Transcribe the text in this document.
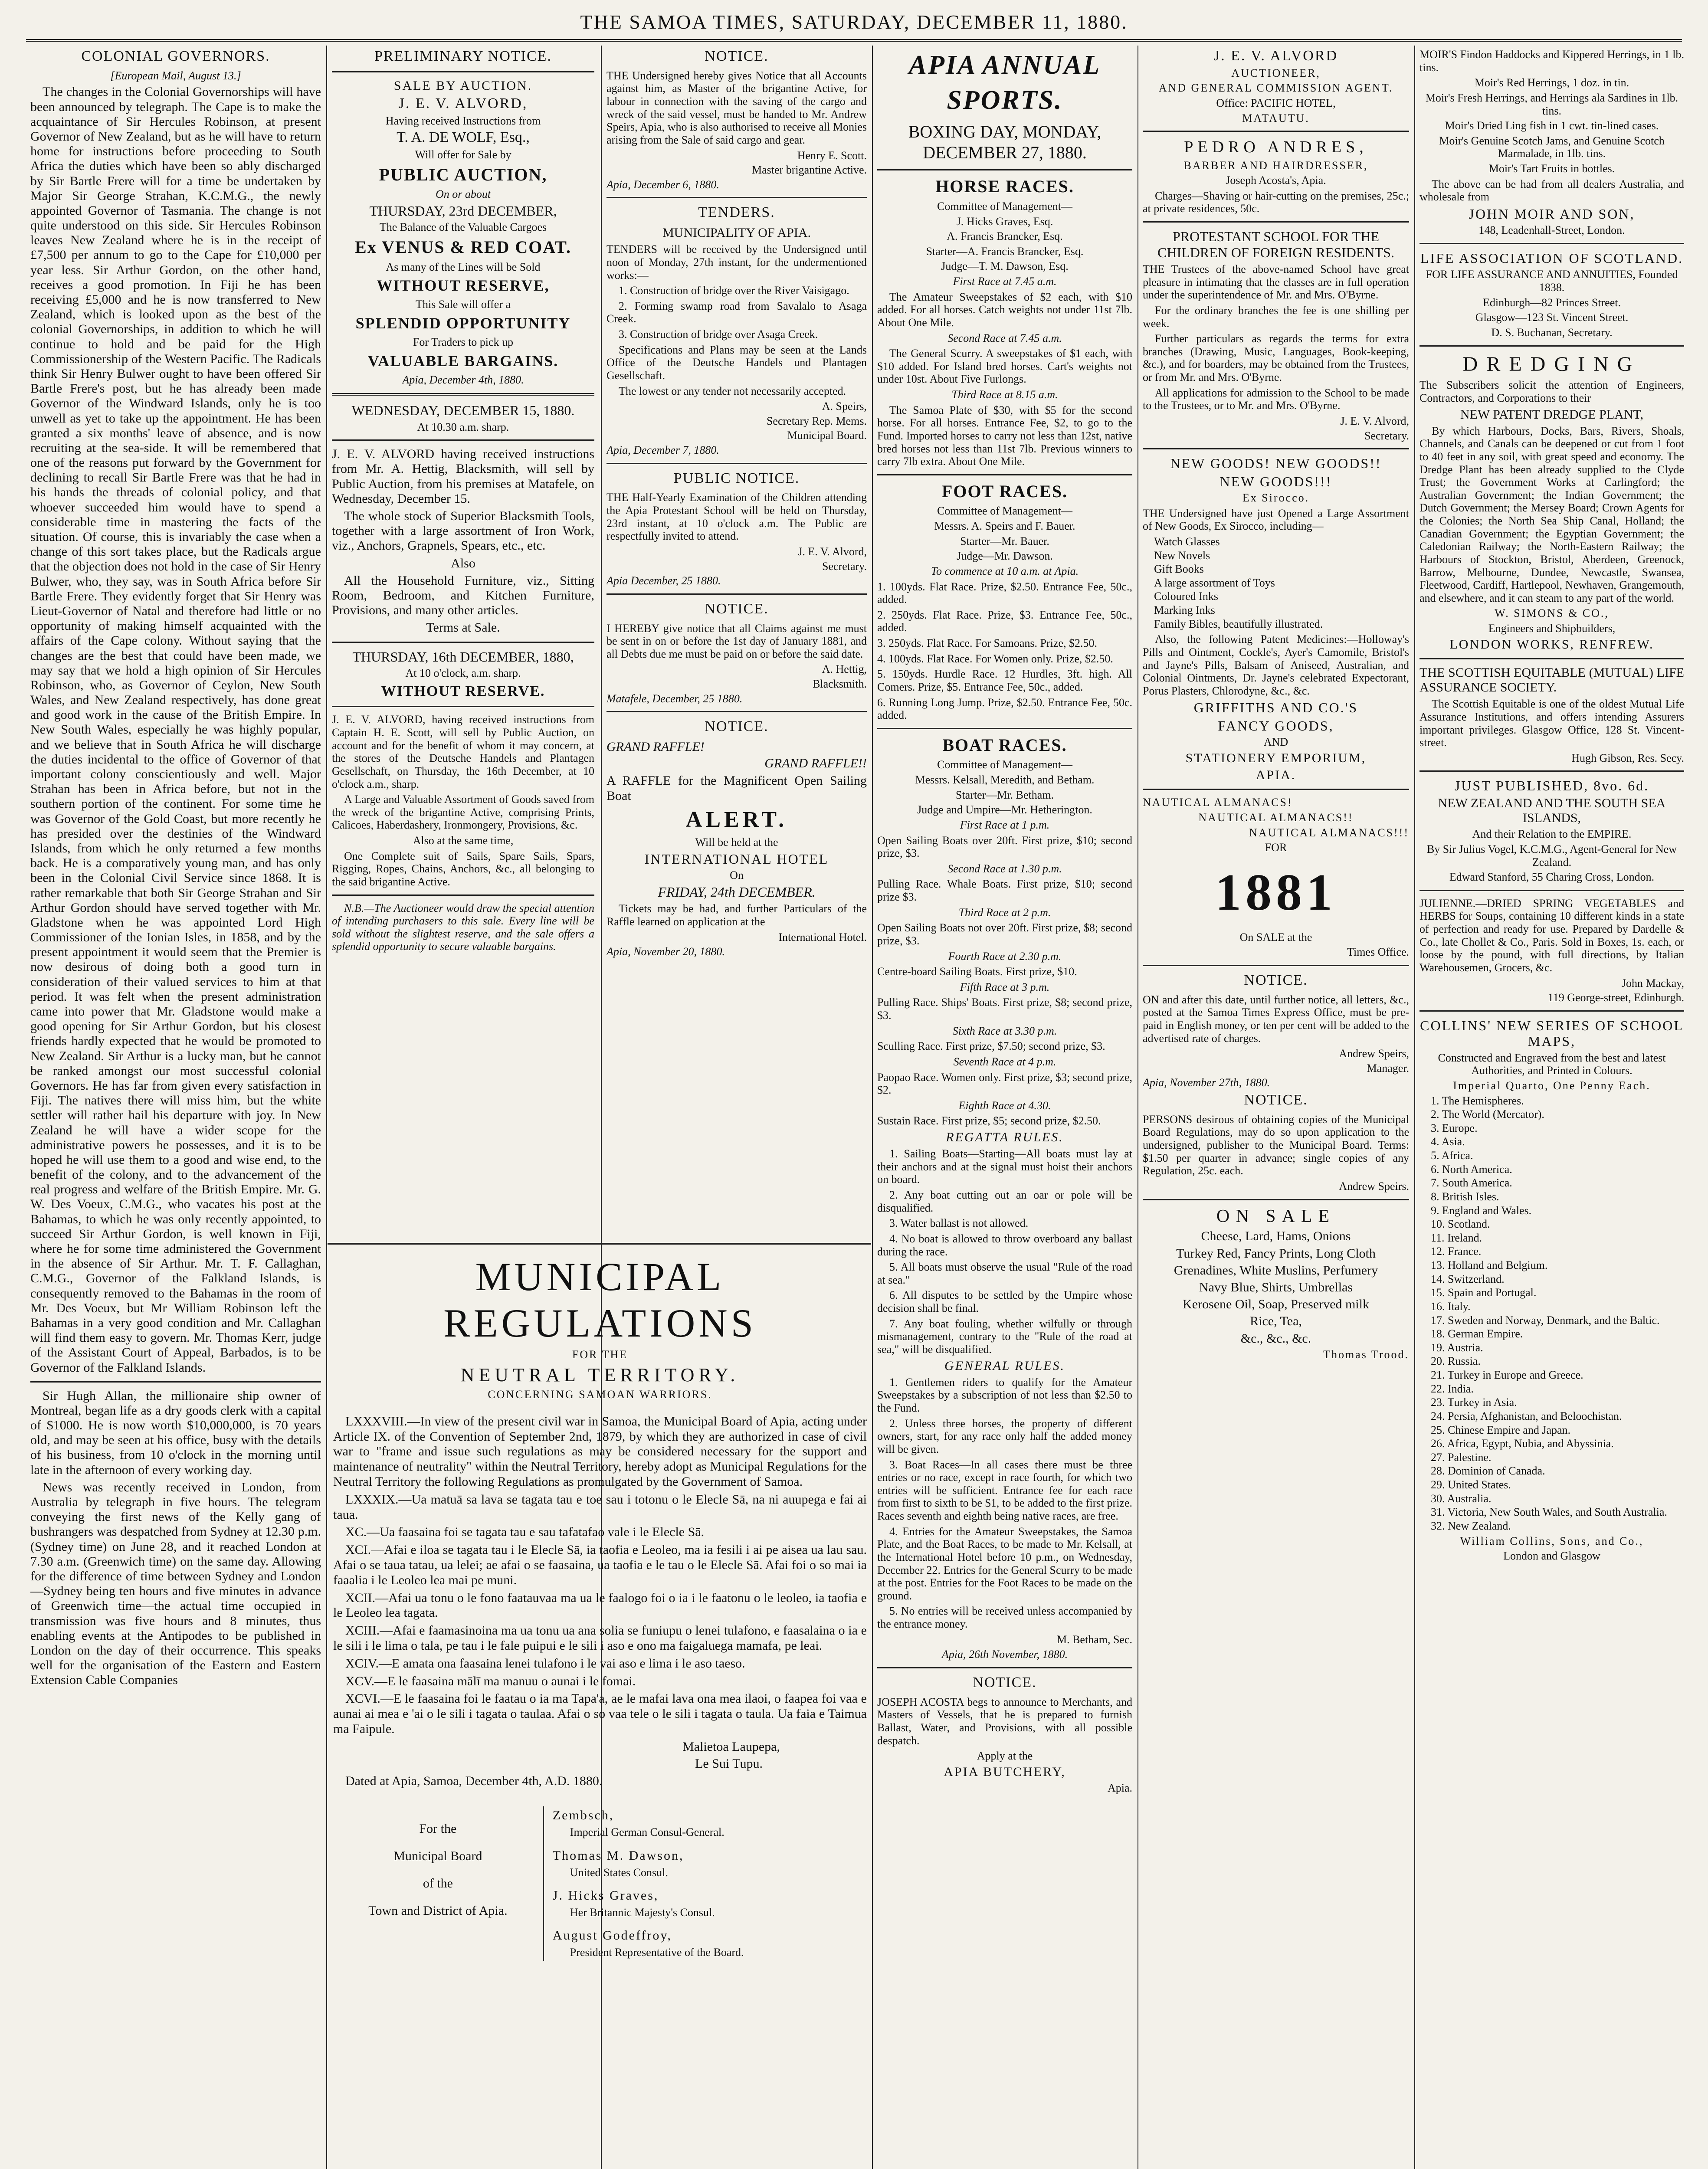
THE SAMOA TIMES, SATURDAY, DECEMBER 11, 1880.
COLONIAL GOVERNORS.
[European Mail, August 13.]

The changes in the Colonial Governorships will have been announced by telegraph. The Cape is to make the acquaintance of Sir Hercules Robinson, at present Governor of New Zealand, but as he will have to return home for instructions before proceeding to South Africa the duties which have been so ably discharged by Sir Bartle Frere will for a time be undertaken by Major Sir George Strahan, K.C.M.G., the newly appointed Governor of Tasmania. The change is not quite understood on this side. Sir Hercules Robinson leaves New Zealand where he is in the receipt of £7,500 per annum to go to the Cape for £10,000 per year less. Sir Arthur Gordon, on the other hand, receives a good promotion. In Fiji he has been receiving £5,000 and he is now transferred to New Zealand, which is looked upon as the best of the colonial Governorships, in addition to which he will continue to hold and be paid for the High Commissionership of the Western Pacific. The Radicals think Sir Henry Bulwer ought to have been offered Sir Bartle Frere's post, but he has already been made Governor of the Windward Islands, only he is too unwell as yet to take up the appointment. He has been granted a six months' leave of absence, and is now recruiting at the sea-side. It will be remembered that one of the reasons put forward by the Government for declining to recall Sir Bartle Frere was that he had in his hands the threads of colonial policy, and that whoever succeeded him would have to spend a considerable time in mastering the facts of the situation. Of course, this is invariably the case when a change of this sort takes place, but the Radicals argue that the objection does not hold in the case of Sir Henry Bulwer, who, they say, was in South Africa before Sir Bartle Frere. They evidently forget that Sir Henry was Lieut-Governor of Natal and therefore had little or no opportunity of making himself acquainted with the affairs of the Cape colony. Without saying that the changes are the best that could have been made, we may say that we hold a high opinion of Sir Hercules Robinson, who, as Governor of Ceylon, New South Wales, and New Zealand respectively, has done great and good work in the cause of the British Empire. In New South Wales, especially he was highly popular, and we believe that in South Africa he will discharge the duties incidental to the office of Governor of that important colony conscientiously and well. Major Strahan has been in Africa before, but not in the southern portion of the continent. For some time he was Governor of the Gold Coast, but more recently he has presided over the destinies of the Windward Islands, from which he only returned a few months back. He is a comparatively young man, and has only been in the Colonial Civil Service since 1868. It is rather remarkable that both Sir George Strahan and Sir Arthur Gordon should have served together with Mr. Gladstone when he was appointed Lord High Commissioner of the Ionian Isles, in 1858, and by the present appointment it would seem that the Premier is now desirous of doing both a good turn in consideration of their valued services to him at that period. It was felt when the present administration came into power that Mr. Gladstone would make a good opening for Sir Arthur Gordon, but his closest friends hardly expected that he would be promoted to New Zealand. Sir Arthur is a lucky man, but he cannot be ranked amongst our most successful colonial Governors. He has far from given every satisfaction in Fiji. The natives there will miss him, but the white settler will rather hail his departure with joy. In New Zealand he will have a wider scope for the administrative powers he possesses, and it is to be hoped he will use them to a good and wise end, to the benefit of the colony, and to the advancement of the real progress and welfare of the British Empire. Mr. G. W. Des Voeux, C.M.G., who vacates his post at the Bahamas, to which he was only recently appointed, to succeed Sir Arthur Gordon, is well known in Fiji, where he for some time administered the Government in the absence of Sir Arthur. Mr. T. F. Callaghan, C.M.G., Governor of the Falkland Islands, is consequently removed to the Bahamas in the room of Mr. Des Voeux, but Mr William Robinson left the Bahamas in a very good condition and Mr. Callaghan will find them easy to govern. Mr. Thomas Kerr, judge of the Assistant Court of Appeal, Barbados, is to be Governor of the Falkland Islands.

Sir Hugh Allan, the millionaire ship owner of Montreal, began life as a dry goods clerk with a capital of $1000. He is now worth $10,000,000, is 70 years old, and may be seen at his office, busy with the details of his business, from 10 o'clock in the morning until late in the afternoon of every working day.

News was recently received in London, from Australia by telegraph in five hours. The telegram conveying the first news of the Kelly gang of bushrangers was despatched from Sydney at 12.30 p.m. (Sydney time) on June 28, and it reached London at 7.30 a.m. (Greenwich time) on the same day. Allowing for the difference of time between Sydney and London—Sydney being ten hours and five minutes in advance of Greenwich time—the actual time occupied in transmission was five hours and 8 minutes, thus enabling events at the Antipodes to be published in London on the day of their occurrence. This speaks well for the organisation of the Eastern and Eastern Extension Cable Companies

PRELIMINARY NOTICE.
SALE BY AUCTION.
J. E. V. ALVORD,
Having received Instructions from
T. A. DE WOLF, Esq.,
Will offer for Sale by
PUBLIC AUCTION,
On or about
THURSDAY, 23rd DECEMBER,
The Balance of the Valuable Cargoes
Ex VENUS & RED COAT.
As many of the Lines will be Sold
WITHOUT RESERVE,
This Sale will offer a
SPLENDID OPPORTUNITY
For Traders to pick up
VALUABLE BARGAINS.
Apia, December 4th, 1880.
WEDNESDAY, DECEMBER 15, 1880.
At 10.30 a.m. sharp.

J. E. V. ALVORD having received instructions from Mr. A. Hettig, Blacksmith, will sell by Public Auction, from his premises at Matafele, on Wednesday, December 15.

The whole stock of Superior Blacksmith Tools, together with a large assortment of Iron Work, viz., Anchors, Grapnels, Spears, etc., etc.

Also

All the Household Furniture, viz., Sitting Room, Bedroom, and Kitchen Furniture, Provisions, and many other articles.

Terms at Sale.
THURSDAY, 16th DECEMBER, 1880,
At 10 o'clock, a.m. sharp.
WITHOUT RESERVE.

J. E. V. ALVORD, having received instructions from Captain H. E. Scott, will sell by Public Auction, on account and for the benefit of whom it may concern, at the stores of the Deutsche Handels and Plantagen Gesellschaft, on Thursday, the 16th December, at 10 o'clock a.m., sharp.

A Large and Valuable Assortment of Goods saved from the wreck of the brigantine Active, comprising Prints, Calicoes, Haberdashery, Ironmongery, Provisions, &c.

Also at the same time,

One Complete suit of Sails, Spare Sails, Spars, Rigging, Ropes, Chains, Anchors, &c., all belonging to the said brigantine Active.

N.B.—The Auctioneer would draw the special attention of intending purchasers to this sale. Every line will be sold without the slightest reserve, and the sale offers a splendid opportunity to secure valuable bargains.

NOTICE.

THE Undersigned hereby gives Notice that all Accounts against him, as Master of the brigantine Active, for labour in connection with the saving of the cargo and wreck of the said vessel, must be handed to Mr. Andrew Speirs, Apia, who is also authorised to receive all Monies arising from the Sale of said cargo and gear.

Henry E. Scott.
Master brigantine Active.
Apia, December 6, 1880.
TENDERS.
MUNICIPALITY OF APIA.

TENDERS will be received by the Undersigned until noon of Monday, 27th instant, for the undermentioned works:—

1. Construction of bridge over the River Vaisigago.

2. Forming swamp road from Savalalo to Asaga Creek.

3. Construction of bridge over Asaga Creek.

Specifications and Plans may be seen at the Lands Office of the Deutsche Handels und Plantagen Gesellschaft.

The lowest or any tender not necessarily accepted.

A. Speirs,
Secretary Rep. Mems.
Municipal Board.
Apia, December 7, 1880.
PUBLIC NOTICE.

THE Half-Yearly Examination of the Children attending the Apia Protestant School will be held on Thursday, 23rd instant, at 10 o'clock a.m. The Public are respectfully invited to attend.

J. E. V. Alvord,
Secretary.
Apia December, 25 1880.
NOTICE.

I HEREBY give notice that all Claims against me must be sent in on or before the 1st day of January 1881, and all Debts due me must be paid on or before the said date.

A. Hettig,
Blacksmith.
Matafele, December, 25 1880.
NOTICE.
GRAND RAFFLE!
GRAND RAFFLE!!

A RAFFLE for the Magnificent Open Sailing Boat

ALERT.
Will be held at the
INTERNATIONAL HOTEL
On
FRIDAY, 24th DECEMBER.

Tickets may be had, and further Particulars of the Raffle learned on application at the

International Hotel.
Apia, November 20, 1880.
MUNICIPAL REGULATIONS
FOR THE
NEUTRAL TERRITORY.
CONCERNING SAMOAN WARRIORS.

LXXXVIII.—In view of the present civil war in Samoa, the Municipal Board of Apia, acting under Article IX. of the Convention of September 2nd, 1879, by which they are authorized in case of civil war to "frame and issue such regulations as may be considered necessary for the support and maintenance of neutrality" within the Neutral Territory, hereby adopt as Municipal Regulations for the Neutral Territory the following Regulations as promulgated by the Government of Samoa.

LXXXIX.—Ua matuā sa lava se tagata tau e toe sau i totonu o le Elecle Sā, na ni auupega e fai ai taua.

XC.—Ua faasaina foi se tagata tau e sau tafatafao vale i le Elecle Sā.

XCI.—Afai e iloa se tagata tau i le Elecle Sā, ia taofia e Leoleo, ma ia fesili i ai pe aisea ua lau sau. Afai o se taua tatau, ua lelei; ae afai o se faasaina, ua taofia e le tau o le Elecle Sā. Afai foi o so mai ia faaalia i le Leoleo lea mai pe muni.

XCII.—Afai ua tonu o le fono faatauvaa ma ua le faalogo foi o ia i le faatonu o le leoleo, ia taofia e le Leoleo lea tagata.

XCIII.—Afai e faamasinoina ma ua tonu ua ana solia se funiupu o lenei tulafono, e faasalaina o ia e le sili i le lima o tala, pe tau i le fale puipui e le sili i aso e ono ma faigaluega mamafa, pe leai.

XCIV.—E amata ona faasaina lenei tulafono i le vai aso e lima i le aso taeso.

XCV.—E le faasaina mālī ma manuu o aunai i le fomai.

XCVI.—E le faasaina foi le faatau o ia ma Tapa'a, ae le mafai lava ona mea ilaoi, o faapea foi vaa e aunai ai mea e 'ai o le sili i tagata o taulaa. Afai o so vaa tele o le sili i tagata o taula. Ua faia e Taimua ma Faipule.

Malietoa Laupepa,
Le Sui Tupu.

Dated at Apia, Samoa, December 4th, A.D. 1880.

For the
Municipal Board
of the
Town and District of Apia.
Zembsch,
Imperial German Consul-General.
Thomas M. Dawson,
United States Consul.
J. Hicks Graves,
Her Britannic Majesty's Consul.
August Godeffroy,
President Representative of the Board.
APIA ANNUAL
SPORTS.
BOXING DAY, MONDAY, DECEMBER 27, 1880.
HORSE RACES.
Committee of Management—
J. Hicks Graves, Esq.
A. Francis Brancker, Esq.
Starter—A. Francis Brancker, Esq.
Judge—T. M. Dawson, Esq.
First Race at 7.45 a.m.

The Amateur Sweepstakes of $2 each, with $10 added. For all horses. Catch weights not under 11st 7lb. About One Mile.

Second Race at 7.45 a.m.

The General Scurry. A sweepstakes of $1 each, with $10 added. For Island bred horses. Cart's weights not under 10st. About Five Furlongs.

Third Race at 8.15 a.m.

The Samoa Plate of $30, with $5 for the second horse. For all horses. Entrance Fee, $2, to go to the Fund. Imported horses to carry not less than 12st, native bred horses not less than 11st 7lb. Previous winners to carry 7lb extra. About One Mile.

FOOT RACES.
Committee of Management—
Messrs. A. Speirs and F. Bauer.
Starter—Mr. Bauer.
Judge—Mr. Dawson.
To commence at 10 a.m. at Apia.

1. 100yds. Flat Race. Prize, $2.50. Entrance Fee, 50c., added.

2. 250yds. Flat Race. Prize, $3. Entrance Fee, 50c., added.

3. 250yds. Flat Race. For Samoans. Prize, $2.50.

4. 100yds. Flat Race. For Women only. Prize, $2.50.

5. 150yds. Hurdle Race. 12 Hurdles, 3ft. high. All Comers. Prize, $5. Entrance Fee, 50c., added.

6. Running Long Jump. Prize, $2.50. Entrance Fee, 50c. added.

BOAT RACES.
Committee of Management—
Messrs. Kelsall, Meredith, and Betham.
Starter—Mr. Betham.
Judge and Umpire—Mr. Hetherington.
First Race at 1 p.m.

Open Sailing Boats over 20ft. First prize, $10; second prize, $3.

Second Race at 1.30 p.m.

Pulling Race. Whale Boats. First prize, $10; second prize $3.

Third Race at 2 p.m.

Open Sailing Boats not over 20ft. First prize, $8; second prize, $3.

Fourth Race at 2.30 p.m.

Centre-board Sailing Boats. First prize, $10.

Fifth Race at 3 p.m.

Pulling Race. Ships' Boats. First prize, $8; second prize, $3.

Sixth Race at 3.30 p.m.

Sculling Race. First prize, $7.50; second prize, $3.

Seventh Race at 4 p.m.

Paopao Race. Women only. First prize, $3; second prize, $2.

Eighth Race at 4.30.

Sustain Race. First prize, $5; second prize, $2.50.

REGATTA RULES.

1. Sailing Boats—Starting—All boats must lay at their anchors and at the signal must hoist their anchors on board.

2. Any boat cutting out an oar or pole will be disqualified.

3. Water ballast is not allowed.

4. No boat is allowed to throw overboard any ballast during the race.

5. All boats must observe the usual "Rule of the road at sea."

6. All disputes to be settled by the Umpire whose decision shall be final.

7. Any boat fouling, whether wilfully or through mismanagement, contrary to the "Rule of the road at sea," will be disqualified.

GENERAL RULES.

1. Gentlemen riders to qualify for the Amateur Sweepstakes by a subscription of not less than $2.50 to the Fund.

2. Unless three horses, the property of different owners, start, for any race only half the added money will be given.

3. Boat Races—In all cases there must be three entries or no race, except in race fourth, for which two entries will be sufficient. Entrance fee for each race from first to sixth to be $1, to be added to the first prize. Races seventh and eighth being native races, are free.

4. Entries for the Amateur Sweepstakes, the Samoa Plate, and the Boat Races, to be made to Mr. Kelsall, at the International Hotel before 10 p.m., on Wednesday, December 22. Entries for the General Scurry to be made at the post. Entries for the Foot Races to be made on the ground.

5. No entries will be received unless accompanied by the entrance money.

M. Betham, Sec.
Apia, 26th November, 1880.
NOTICE.

JOSEPH ACOSTA begs to announce to Merchants, and Masters of Vessels, that he is prepared to furnish Ballast, Water, and Provisions, with all possible despatch.

Apply at the
APIA BUTCHERY,
Apia.
J. E. V. ALVORD
AUCTIONEER,
AND GENERAL COMMISSION AGENT.
Office: PACIFIC HOTEL,
MATAUTU.
PEDRO ANDRES,
BARBER AND HAIRDRESSER,
Joseph Acosta's, Apia.

Charges—Shaving or hair-cutting on the premises, 25c.; at private residences, 50c.

PROTESTANT SCHOOL FOR THE CHILDREN OF FOREIGN RESIDENTS.

THE Trustees of the above-named School have great pleasure in intimating that the classes are in full operation under the superintendence of Mr. and Mrs. O'Byrne.

For the ordinary branches the fee is one shilling per week.

Further particulars as regards the terms for extra branches (Drawing, Music, Languages, Book-keeping, &c.), and for boarders, may be obtained from the Trustees, or from Mr. and Mrs. O'Byrne.

All applications for admission to the School to be made to the Trustees, or to Mr. and Mrs. O'Byrne.

J. E. V. Alvord,
Secretary.
NEW GOODS! NEW GOODS!!
NEW GOODS!!!
Ex Sirocco.

THE Undersigned have just Opened a Large Assortment of New Goods, Ex Sirocco, including—

Watch Glasses
New Novels
Gift Books
A large assortment of Toys
Coloured Inks
Marking Inks
Family Bibles, beautifully illustrated.

Also, the following Patent Medicines:—Holloway's Pills and Ointment, Cockle's, Ayer's Camomile, Bristol's and Jayne's Pills, Balsam of Aniseed, Australian, and Colonial Ointments, Dr. Jayne's celebrated Expectorant, Porus Plasters, Chlorodyne, &c., &c.

GRIFFITHS AND CO.'S
FANCY GOODS,
AND
STATIONERY EMPORIUM,
APIA.
NAUTICAL ALMANACS!
NAUTICAL ALMANACS!!
NAUTICAL ALMANACS!!!
FOR
1881
On SALE at the
Times Office.
NOTICE.

ON and after this date, until further notice, all letters, &c., posted at the Samoa Times Express Office, must be pre-paid in English money, or ten per cent will be added to the advertised rate of charges.

Andrew Speirs,
Manager.
Apia, November 27th, 1880.
NOTICE.

PERSONS desirous of obtaining copies of the Municipal Board Regulations, may do so upon application to the undersigned, publisher to the Municipal Board. Terms: $1.50 per quarter in advance; single copies of any Regulation, 25c. each.

Andrew Speirs.
ON SALE
Cheese, Lard, Hams, Onions
Turkey Red, Fancy Prints, Long Cloth
Grenadines, White Muslins, Perfumery
Navy Blue, Shirts, Umbrellas
Kerosene Oil, Soap, Preserved milk
Rice, Tea,
&c., &c., &c.
Thomas Trood.

MOIR'S Findon Haddocks and Kippered Herrings, in 1 lb. tins.

Moir's Red Herrings, 1 doz. in tin.
Moir's Fresh Herrings, and Herrings ala Sardines in 1lb. tins.
Moir's Dried Ling fish in 1 cwt. tin-lined cases.
Moir's Genuine Scotch Jams, and Genuine Scotch Marmalade, in 1lb. tins.
Moir's Tart Fruits in bottles.

The above can be had from all dealers Australia, and wholesale from

JOHN MOIR AND SON,
148, Leadenhall-Street, London.
LIFE ASSOCIATION OF SCOTLAND.
FOR LIFE ASSURANCE AND ANNUITIES, Founded 1838.
Edinburgh—82 Princes Street.
Glasgow—123 St. Vincent Street.
D. S. Buchanan, Secretary.
DREDGING

The Subscribers solicit the attention of Engineers, Contractors, and Corporations to their

NEW PATENT DREDGE PLANT,

By which Harbours, Docks, Bars, Rivers, Shoals, Channels, and Canals can be deepened or cut from 1 foot to 40 feet in any soil, with great speed and economy. The Dredge Plant has been already supplied to the Clyde Trust; the Government Works at Carlingford; the Australian Government; the Indian Government; the Dutch Government; the Mersey Board; Crown Agents for the Colonies; the North Sea Ship Canal, Holland; the Canadian Government; the Egyptian Government; the Caledonian Railway; the North-Eastern Railway; the Harbours of Stockton, Bristol, Aberdeen, Greenock, Barrow, Melbourne, Dundee, Newcastle, Swansea, Fleetwood, Cardiff, Hartlepool, Newhaven, Grangemouth, and elsewhere, and it can steam to any part of the world.

W. SIMONS & CO.,
Engineers and Shipbuilders,
LONDON WORKS, RENFREW.

THE SCOTTISH EQUITABLE (MUTUAL) LIFE ASSURANCE SOCIETY.

The Scottish Equitable is one of the oldest Mutual Life Assurance Institutions, and offers intending Assurers important privileges. Glasgow Office, 128 St. Vincent-street.

Hugh Gibson, Res. Secy.
JUST PUBLISHED, 8vo. 6d.
NEW ZEALAND AND THE SOUTH SEA ISLANDS,
And their Relation to the EMPIRE.
By Sir Julius Vogel, K.C.M.G., Agent-General for New Zealand.
Edward Stanford, 55 Charing Cross, London.

JULIENNE.—DRIED SPRING VEGETABLES and HERBS for Soups, containing 10 different kinds in a state of perfection and ready for use. Prepared by Dardelle & Co., late Chollet & Co., Paris. Sold in Boxes, 1s. each, or loose by the pound, with full directions, by Italian Warehousemen, Grocers, &c.

John Mackay,
119 George-street, Edinburgh.
COLLINS' NEW SERIES OF SCHOOL MAPS,
Constructed and Engraved from the best and latest Authorities, and Printed in Colours.
Imperial Quarto, One Penny Each.
1. The Hemispheres.
2. The World (Mercator).
3. Europe.
4. Asia.
5. Africa.
6. North America.
7. South America.
8. British Isles.
9. England and Wales.
10. Scotland.
11. Ireland.
12. France.
13. Holland and Belgium.
14. Switzerland.
15. Spain and Portugal.
16. Italy.
17. Sweden and Norway, Denmark, and the Baltic.
18. German Empire.
19. Austria.
20. Russia.
21. Turkey in Europe and Greece.
22. India.
23. Turkey in Asia.
24. Persia, Afghanistan, and Beloochistan.
25. Chinese Empire and Japan.
26. Africa, Egypt, Nubia, and Abyssinia.
27. Palestine.
28. Dominion of Canada.
29. United States.
30. Australia.
31. Victoria, New South Wales, and South Australia.
32. New Zealand.
William Collins, Sons, and Co.,
London and Glasgow
